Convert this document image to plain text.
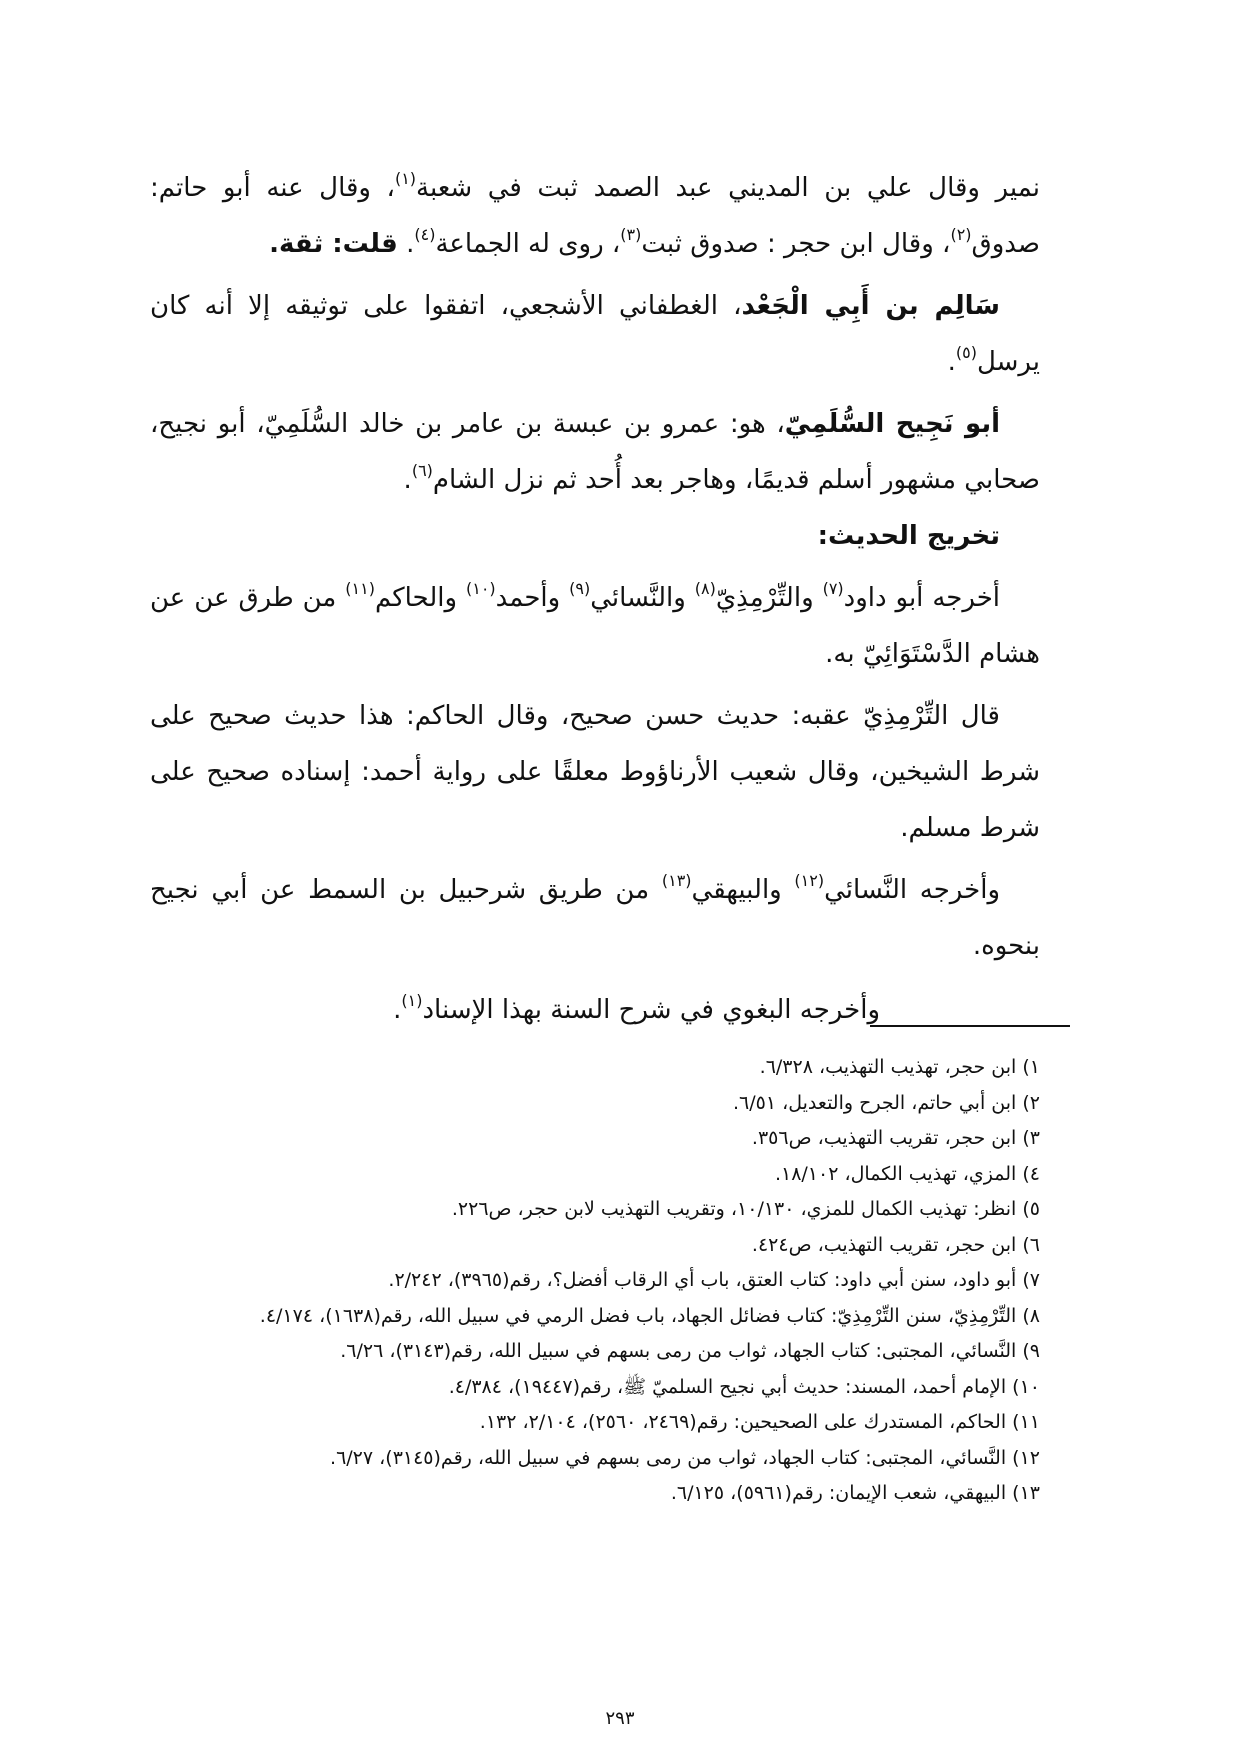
نمير وقال علي بن المديني عبد الصمد ثبت في شعبة$^{(١)}$، وقال عنه أبو حاتم: صدوق$^{(٢)}$، وقال ابن حجر : صدوق ثبت$^{(٣)}$، روى له الجماعة$^{(٤)}$. قلت: ثقة.

سَالِم بن أَبِي الْجَعْد، الغطفاني الأشجعي، اتفقوا على توثيقه إلا أنه كان يرسل$^{(٥)}$.

أبو نَجِيح السُّلَمِيّ، هو: عمرو بن عبسة بن عامر بن خالد السُّلَمِيّ، أبو نجيح، صحابي مشهور أسلم قديمًا، وهاجر بعد أُحد ثم نزل الشام$^{(٦)}$.

تخريج الحديث:

أخرجه أبو داود$^{(٧)}$ والتِّرْمِذِيّ$^{(٨)}$ والنَّسائي$^{(٩)}$ وأحمد$^{(١٠)}$ والحاكم$^{(١١)}$ من طرق عن عن هشام الدَّسْتَوَائِيّ به.

قال التِّرْمِذِيّ عقبه: حديث حسن صحيح، وقال الحاكم: هذا حديث صحيح على شرط الشيخين، وقال شعيب الأرناؤوط معلقًا على رواية أحمد: إسناده صحيح على شرط مسلم.

وأخرجه النَّسائي$^{(١٢)}$ والبيهقي$^{(١٣)}$ من طريق شرحبيل بن السمط عن أبي نجيح بنحوه.

وأخرجه البغوي في شرح السنة بهذا الإسناد$^{(١)}$.

١) ابن حجر، تهذيب التهذيب، ٦/٣٢٨.
٢) ابن أبي حاتم، الجرح والتعديل، ٦/٥١.
٣) ابن حجر، تقريب التهذيب، ص٣٥٦.
٤) المزي، تهذيب الكمال، ١٨/١٠٢.
٥) انظر: تهذيب الكمال للمزي، ١٠/١٣٠، وتقريب التهذيب لابن حجر، ص٢٢٦.
٦) ابن حجر، تقريب التهذيب، ص٤٢٤.
٧) أبو داود، سنن أبي داود: كتاب العتق، باب أي الرقاب أفضل؟، رقم(٣٩٦٥)، ٢/٢٤٢.
٨) التِّرْمِذِيّ، سنن التِّرْمِذِيّ: كتاب فضائل الجهاد، باب فضل الرمي في سبيل الله، رقم(١٦٣٨)، ٤/١٧٤.
٩) النَّسائي، المجتبى: كتاب الجهاد، ثواب من رمى بسهم في سبيل الله، رقم(٣١٤٣)، ٦/٢٦.
١٠) الإمام أحمد، المسند: حديث أبي نجيح السلميّ ﷺ، رقم(١٩٤٤٧)، ٤/٣٨٤.
١١) الحاكم، المستدرك على الصحيحين: رقم(٢٤٦٩، ٢٥٦٠)، ٢/١٠٤، ١٣٢.
١٢) النَّسائي، المجتبى: كتاب الجهاد، ثواب من رمى بسهم في سبيل الله، رقم(٣١٤٥)، ٦/٢٧.
١٣) البيهقي، شعب الإيمان: رقم(٥٩٦١)، ٦/١٢٥.
٢٩٣
